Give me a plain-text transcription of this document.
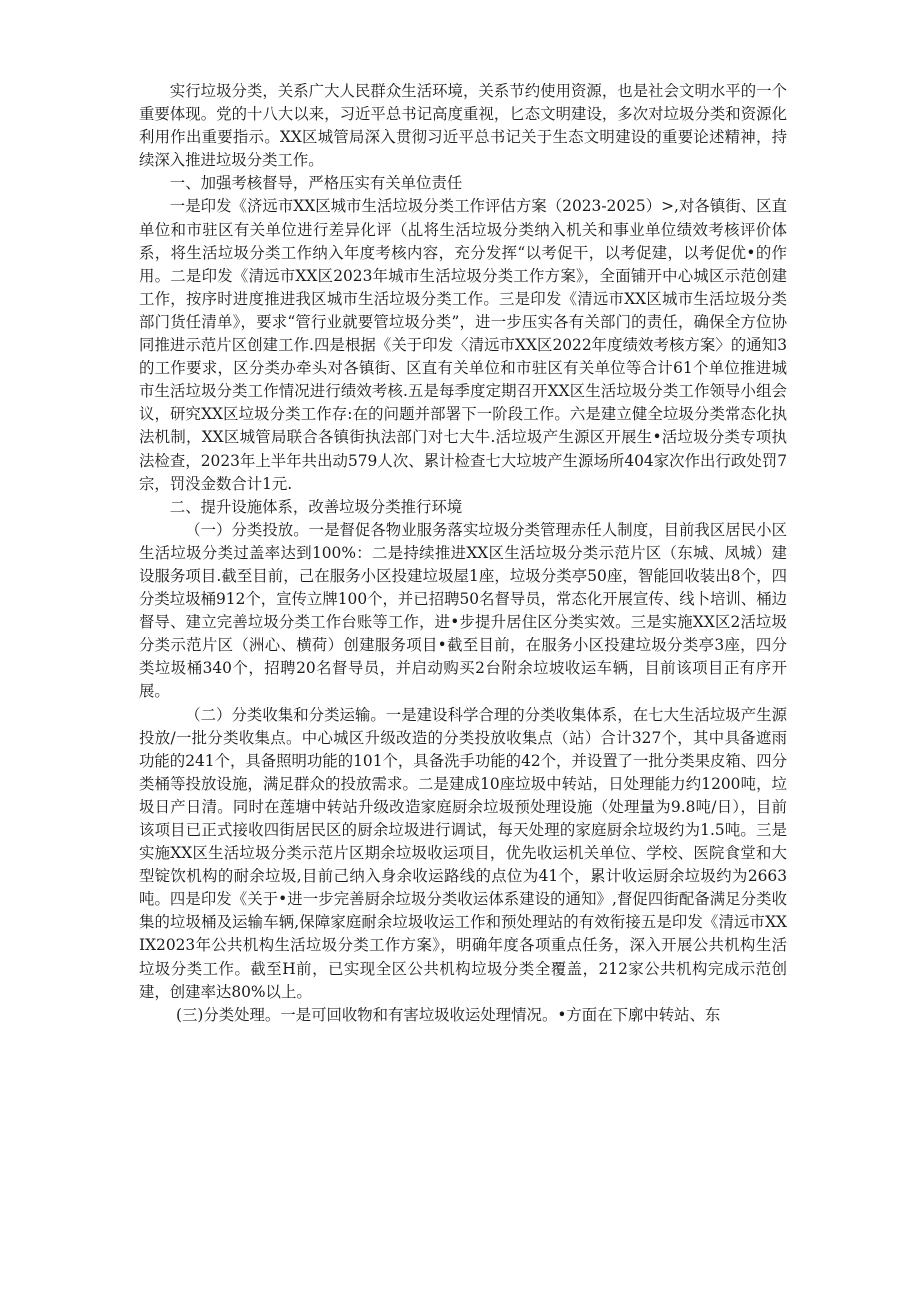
实行垃圾分类，关系广大人民群众生活环境，关系节约使用资源，也是社会文明水平的一个重要体现。党的十八大以来，习近平总书记高度重视，匕态文明建设，多次对垃圾分类和资源化利用作出重要指示。XX区城管局深入贯彻习近平总书记关于生态文明建设的重要论述精神，持续深入推进垃圾分类工作。

一、加强考核督导，严格压实有关单位责任

一是印发《济远市XX区城市生活垃圾分类工作评估方案（2023-2025）>,对各镇街、区直单位和市驻区有关单位进行差异化评（乩将生活垃圾分类纳入机关和事业单位绩效考核评价体系，将生活垃圾分类工作纳入年度考核内容，充分发挥“以考促干，以考促建，以考促优•的作用。二是印发《清远市XX区2023年城市生活垃圾分类工作方案》，全面铺开中心城区示范创建工作，按序时进度推进我区城市生活垃圾分类工作。三是印发《清远市XX区城市生活垃圾分类部门货任清单》，要求“管行业就要管垃圾分类”，进一步压实各有关部门的责任，确保全方位协同推进示范片区创建工作.四是根据《关于印发〈清远市XX区2022年度绩效考核方案〉的通知3的工作要求，区分类办牵头对各镇街、区直有关单位和市驻区有关单位等合计61个单位推进城市生活垃圾分类工作情况进行绩效考核.五是每季度定期召开XX区生活垃圾分类工作领导小组会议，研究XX区垃圾分类工作存:在的问题并部署下一阶段工作。六是建立健全垃圾分类常态化执法机制，XX区城管局联合各镇街执法部门对七大牛.活垃圾产生源区开展生•活垃圾分类专项执法检查，2023年上半年共出动579人次、累计检查七大垃坡产生源场所404家次作出行政处罚7宗，罚没金数合计1元.

二、提升设施体系，改善垃圾分类推行环境

（一）分类投放。一是督促各物业服务落实垃圾分类管理赤任人制度，目前我区居民小区生活垃圾分类过盖率达到100%：二是持续推进XX区生活垃圾分类示范片区（东城、凤城）建设服务项目.截至目前，己在服务小区投建垃圾屋1座，垃圾分类亭50座，智能回收装出8个，四分类垃圾桶912个，宣传立牌100个，并已招聘50名督导员，常态化开展宣传、线卜培训、桶边督导、建立完善垃圾分类工作台账等工作，进•步提升居住区分类实效。三是实施XX区2活垃圾分类示范片区（洲心、横荷）创建服务项目•截至目前，在服务小区投建垃圾分类亭3座，四分类垃圾桶340个，招聘20名督导员，并启动购买2台附余垃坡收运车辆，目前该项目正有序开展。

（二）分类收集和分类运输。一是建设科学合理的分类收集体系，在七大生活垃圾产生源投放/一批分类收集点。中心城区升级改造的分类投放收集点（站）合计327个，其中具备遮雨功能的241个，具备照明功能的101个，具备洗手功能的42个，并设置了一批分类果皮箱、四分类桶等投放设施，满足群众的投放需求。二是建成10座垃圾中转站，日处理能力约1200吨，垃圾日产日清。同时在莲塘中转站升级改造家庭厨余垃圾预处理设施（处理量为9.8吨/日），目前该项目已正式接收四街居民区的厨余垃圾进行调试，每天处理的家庭厨余垃圾约为1.5吨。三是实施XX区生活垃圾分类示范片区期余垃圾收运项目，优先收运机关单位、学校、医院食堂和大型锭饮机构的耐余垃圾,目前己纳入身余收运路线的点位为41个，累计收运厨余垃圾约为2663吨。四是印发《关于•进一步完善厨余垃圾分类收运体系建设的通知》,督促四街配备满足分类收集的垃圾桶及运输车辆,保障家庭耐余垃圾收运工作和预处理站的有效衔接五是印发《清远市XXIX2023年公共机构生活垃圾分类工作方案》，明确年度各项重点任务，深入开展公共机构生活垃圾分类工作。截至H前，已实现全区公共机构垃圾分类全覆盖，212家公共机构完成示范创建，创建率达80%以上。

(三)分类处理。一是可回收物和有害垃圾收运处理情况。•方面在下廓中转站、东
